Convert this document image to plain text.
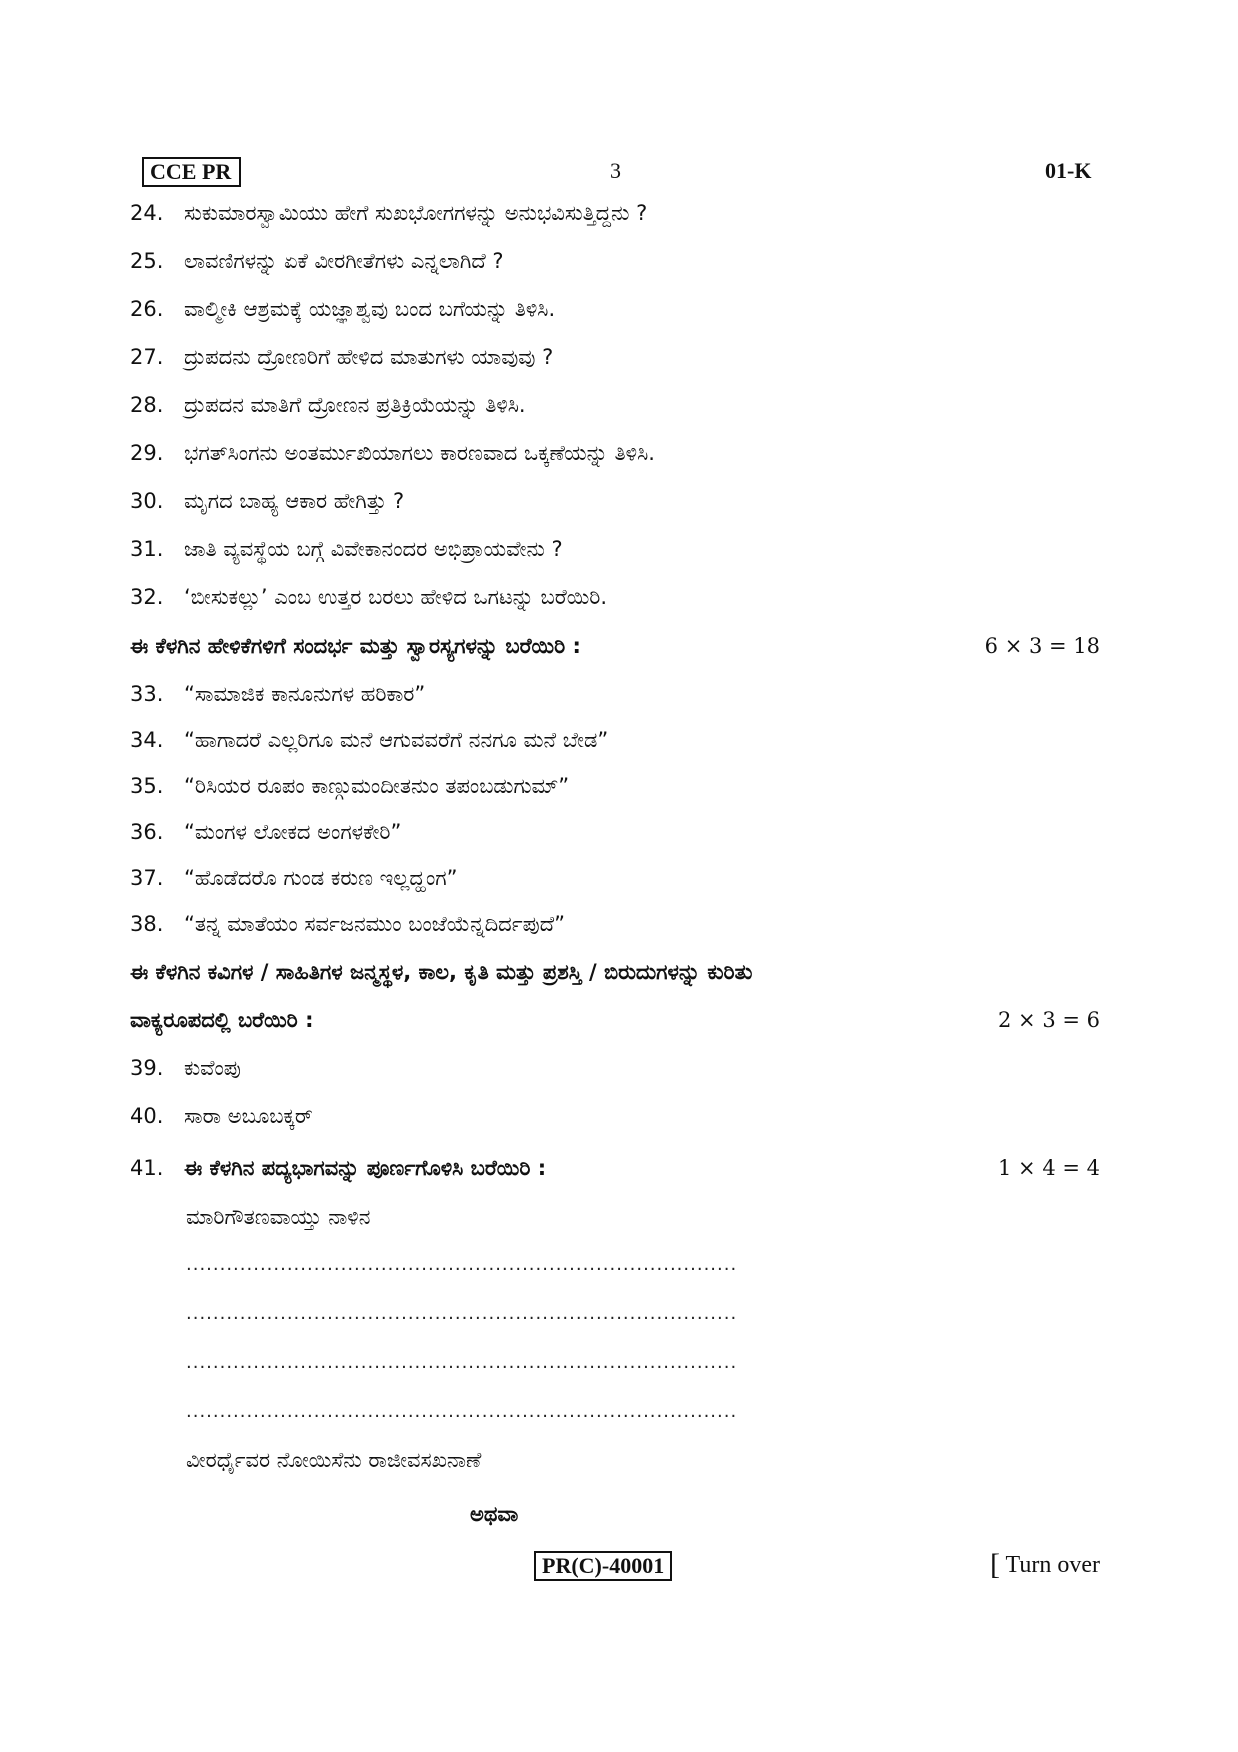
CCE PR	3	01-K
24. ಸುಕುಮಾರಸ್ವಾಮಿಯು ಹೇಗೆ ಸುಖಭೋಗಗಳನ್ನು ಅನುಭವಿಸುತ್ತಿದ್ದನು ?
25. ಲಾವಣಿಗಳನ್ನು ಏಕೆ ವೀರಗೀತೆಗಳು ಎನ್ನಲಾಗಿದೆ ?
26. ವಾಲ್ಮೀಕಿ ಆಶ್ರಮಕ್ಕೆ ಯಜ್ಞಾಶ್ವವು ಬಂದ ಬಗೆಯನ್ನು ತಿಳಿಸಿ.
27. ದ್ರುಪದನು ದ್ರೋಣರಿಗೆ ಹೇಳಿದ ಮಾತುಗಳು ಯಾವುವು ?
28. ದ್ರುಪದನ ಮಾತಿಗೆ ದ್ರೋಣನ ಪ್ರತಿಕ್ರಿಯೆಯನ್ನು ತಿಳಿಸಿ.
29. ಭಗತ್‌ಸಿಂಗನು ಅಂತರ್ಮುಖಿಯಾಗಲು ಕಾರಣವಾದ ಒಕ್ಕಣೆಯನ್ನು ತಿಳಿಸಿ.
30. ಮೃಗದ ಬಾಹ್ಯ ಆಕಾರ ಹೇಗಿತ್ತು ?
31. ಜಾತಿ ವ್ಯವಸ್ಥೆಯ ಬಗ್ಗೆ ವಿವೇಕಾನಂದರ ಅಭಿಪ್ರಾಯವೇನು ?
32. ‘ಬೀಸುಕಲ್ಲು’ ಎಂಬ ಉತ್ತರ ಬರಲು ಹೇಳಿದ ಒಗಟನ್ನು ಬರೆಯಿರಿ.
ಈ ಕೆಳಗಿನ ಹೇಳಿಕೆಗಳಿಗೆ ಸಂದರ್ಭ ಮತ್ತು ಸ್ವಾರಸ್ಯಗಳನ್ನು ಬರೆಯಿರಿ :	6 × 3 = 18
33. “ಸಾಮಾಜಿಕ ಕಾನೂನುಗಳ ಹರಿಕಾರ”
34. “ಹಾಗಾದರೆ ಎಲ್ಲರಿಗೂ ಮನೆ ಆಗುವವರೆಗೆ ನನಗೂ ಮನೆ ಬೇಡ”
35. “ರಿಸಿಯರ ರೂಪಂ ಕಾಣ್ಗುಮಂದೀತನುಂ ತಪಂಬಡುಗುಮ್”
36. “ಮಂಗಳ ಲೋಕದ ಅಂಗಳಕೇರಿ”
37. “ಹೊಡೆದರೊ ಗುಂಡ ಕರುಣ ಇಲ್ಲದ್ಹಂಗ”
38. “ತನ್ನ ಮಾತೆಯಂ ಸರ್ವಜನಮುಂ ಬಂಜೆಯೆನ್ನದಿರ್ದಪುದೆ”
ಈ ಕೆಳಗಿನ ಕವಿಗಳ / ಸಾಹಿತಿಗಳ ಜನ್ಮಸ್ಥಳ, ಕಾಲ, ಕೃತಿ ಮತ್ತು ಪ್ರಶಸ್ತಿ / ಬಿರುದುಗಳನ್ನು ಕುರಿತು
ವಾಕ್ಯರೂಪದಲ್ಲಿ ಬರೆಯಿರಿ :	2 × 3 = 6
39. ಕುವೆಂಪು
40. ಸಾರಾ ಅಬೂಬಕ್ಕರ್
41. ಈ ಕೆಳಗಿನ ಪದ್ಯಭಾಗವನ್ನು ಪೂರ್ಣಗೊಳಿಸಿ ಬರೆಯಿರಿ :	1 × 4 = 4
ಮಾರಿಗೌತಣವಾಯ್ತು ನಾಳಿನ
..................................................................................
..................................................................................
..................................................................................
..................................................................................
ವೀರರ್ಧೈವರ ನೋಯಿಸೆನು ರಾಜೀವಸಖನಾಣೆ
ಅಥವಾ
PR(C)-40001	[ Turn over
